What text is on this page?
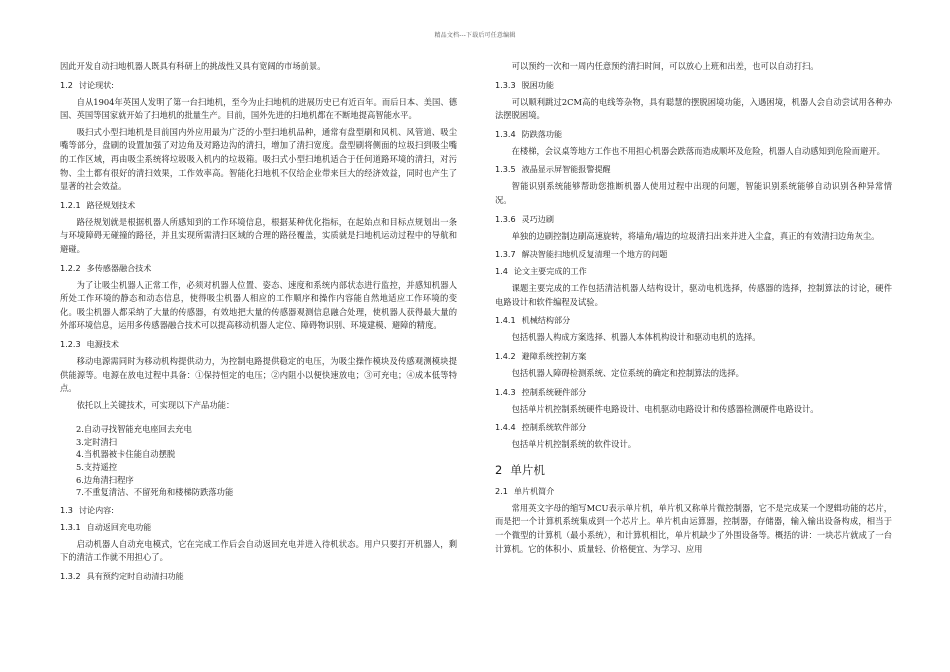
精品文档---下载后可任意编辑

因此开发自动扫地机器人既具有科研上的挑战性又具有宽阔的市场前景。

1.2 讨论现状:

自从1904年英国人发明了第一台扫地机，至今为止扫地机的进展历史已有近百年。而后日本、美国、德国、英国等国家就开始了扫地机的批量生产。目前，国外先进的扫地机都在不断地提高智能水平。

吸扫式小型扫地机是目前国内外应用最为广泛的小型扫地机品种，通常有盘型刷和风机、风管道、吸尘嘴等部分，盘刷的设置加强了对边角及对路边沟的清扫，增加了清扫宽度。盘型刷将侧面的垃圾扫到吸尘嘴的工作区域，再由吸尘系统将垃圾吸入机内的垃圾箱。吸扫式小型扫地机适合于任何道路环境的清扫，对污物、尘土都有很好的清扫效果，工作效率高。智能化扫地机不仅给企业带来巨大的经济效益，同时也产生了显著的社会效益。

1.2.1 路径规划技术

路径规划就是根据机器人所感知到的工作环境信息，根据某种优化指标，在起始点和目标点规划出一条与环境障碍无碰撞的路径，并且实现所需清扫区域的合理的路径覆盖，实质就是扫地机运动过程中的导航和避碰。

1.2.2 多传感器融合技术

为了让吸尘机器人正常工作，必须对机器人位置、姿态、速度和系统内部状态进行监控，并感知机器人所处工作环境的静态和动态信息，使得吸尘机器人相应的工作顺序和操作内容能自然地适应工作环境的变化。吸尘机器人都采纳了大量的传感器，有效地把大量的传感器观测信息融合处理，使机器人获得最大量的外部环境信息，运用多传感器融合技术可以提高移动机器人定位、障碍物识别、环境建模、避障的精度。

1.2.3 电源技术

移动电源需同时为移动机构提供动力，为控制电路提供稳定的电压，为吸尘操作模块及传感观测模块提供能源等。电源在放电过程中具备：①保持恒定的电压；②内阻小以便快速放电；③可充电；④成本低等特点。

依托以上关键技术，可实现以下产品功能：

2.自动寻找智能充电座回去充电
3.定时清扫
4.当机器被卡住能自动摆脱
5.支持遥控
6.边角清扫程序
7.不重复清洁、不留死角和楼梯防跌落功能
1.3 讨论内容:
1.3.1 自动返回充电功能

启动机器人自动充电模式，它在完成工作后会自动返回充电并进入待机状态。用户只要打开机器人，剩下的清洁工作就不用担心了。

1.3.2 具有预约定时自动清扫功能

可以预约一次和一周内任意预约清扫时间，可以放心上班和出差，也可以自动打扫。

1.3.3 脱困功能

可以顺利跳过2CM高的电线等杂物，具有聪慧的摆脱困境功能，入遇困境，机器人会自动尝试用各种办法摆脱困境。

1.3.4 防跌落功能

在楼梯，会议桌等地方工作也不用担心机器会跌落而造成顺坏及危险，机器人自动感知到危险而避开。

1.3.5 液晶显示屏智能报警提醒

智能识别系统能够帮助您推断机器人使用过程中出现的问题，智能识别系统能够自动识别各种异常情况。

1.3.6 灵巧边刷

单独的边刷控制边刷高速旋转，将墙角/墙边的垃圾清扫出来并进入尘盒，真正的有效清扫边角灰尘。

1.3.7 解决智能扫地机反复清理一个地方的问题
1.4 论文主要完成的工作

课题主要完成的工作包括清洁机器人结构设计，驱动电机选择，传感器的选择，控制算法的讨论，硬件电路设计和软件编程及试验。

1.4.1 机械结构部分

包括机器人构成方案选择、机器人本体机构设计和驱动电机的选择。

1.4.2 避障系统控制方案

包括机器人障碍检测系统、定位系统的确定和控制算法的选择。

1.4.3 控制系统硬件部分

包括单片机控制系统硬件电路设计、电机驱动电路设计和传感器检测硬件电路设计。

1.4.4 控制系统软件部分

包括单片机控制系统的软件设计。

2 单片机
2.1 单片机简介

常用英文字母的缩写MCU表示单片机，单片机又称单片微控制器，它不是完成某一个逻辑功能的芯片，而是把一个计算机系统集成到一个芯片上。单片机由运算器，控制器，存储器，输入输出设备构成，相当于一个微型的计算机（最小系统），和计算机相比，单片机缺少了外围设备等。概括的讲：一块芯片就成了一台计算机。它的体积小、质量轻、价格便宜、为学习、应用
